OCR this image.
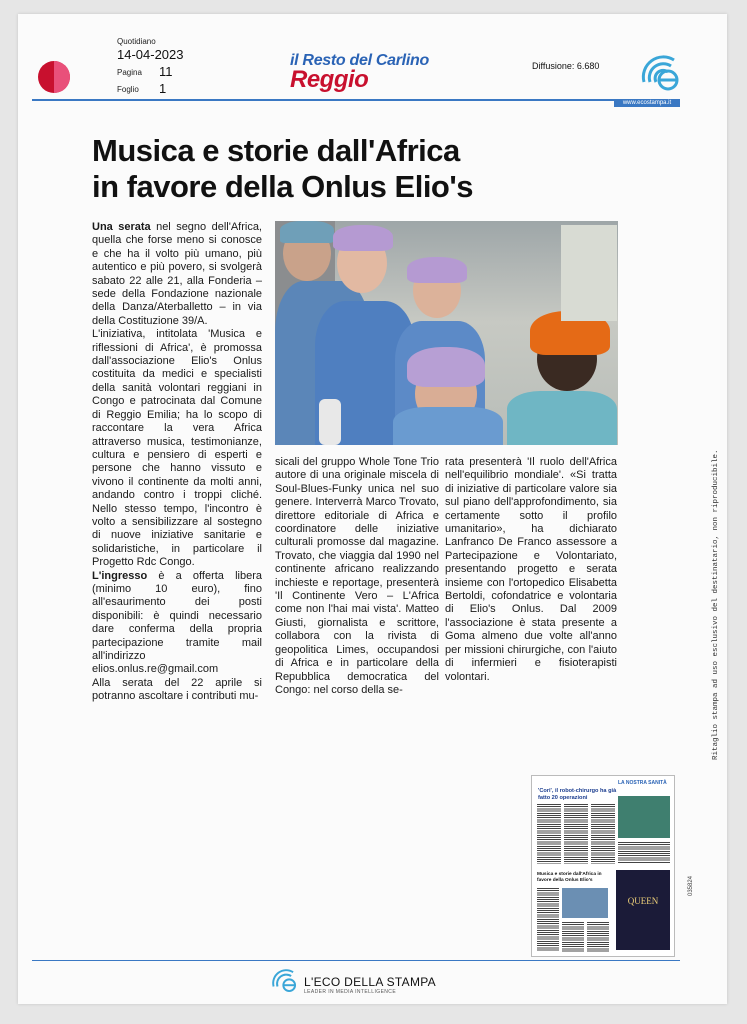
Quotidiano
14-04-2023
Pagina 11
Foglio 1
il Resto del Carlino
Reggio	Diffusione: 6.680
www.ecostampa.it
Musica e storie dall'Africa
in favore della Onlus Elio's

Una serata nel segno dell'Africa, quella che forse meno si conosce e che ha il volto più umano, più autentico e più povero, si svolgerà sabato 22 alle 21, alla Fonderia – sede della Fondazione nazionale della Danza/Aterballetto – in via della Costituzione 39/A.

L'iniziativa, intitolata 'Musica e riflessioni di Africa', è promossa dall'associazione Elio's Onlus costituita da medici e specialisti della sanità volontari reggiani in Congo e patrocinata dal Comune di Reggio Emilia; ha lo scopo di raccontare la vera Africa attraverso musica, testimonianze, cultura e pensiero di esperti e persone che hanno vissuto e vivono il continente da molti anni, andando contro i troppi cliché. Nello stesso tempo, l'incontro è volto a sensibilizzare al sostegno di nuove iniziative sanitarie e solidaristiche, in particolare il Progetto Rdc Congo.

L'ingresso è a offerta libera (minimo 10 euro), fino all'esaurimento dei posti disponibili: è quindi necessario dare conferma della propria partecipazione tramite mail all'indirizzo elios.onlus.re@gmail.com

Alla serata del 22 aprile si potranno ascoltare i contributi mu-

sicali del gruppo Whole Tone Trio autore di una originale miscela di Soul-Blues-Funky unica nel suo genere. Interverrà Marco Trovato, direttore editoriale di Africa e coordinatore delle iniziative culturali promosse dal magazine. Trovato, che viaggia dal 1990 nel continente africano realizzando inchieste e reportage, presenterà 'Il Continente Vero – L'Africa come non l'hai mai vista'. Matteo Giusti, giornalista e scrittore, collabora con la rivista di geopolitica Limes, occupandosi di Africa e in particolare della Repubblica democratica del Congo: nel corso della se-

rata presenterà 'Il ruolo dell'Africa nell'equilibrio mondiale'. «Si tratta di iniziative di particolare valore sia sul piano dell'approfondimento, sia certamente sotto il profilo umanitario», ha dichiarato Lanfranco De Franco assessore a Partecipazione e Volontariato, presentando progetto e serata insieme con l'ortopedico Elisabetta Bertoldi, cofondatrice e volontaria di Elio's Onlus. Dal 2009 l'associazione è stata presente a Goma almeno due volte all'anno per missioni chirurgiche, con l'aiuto di infermieri e fisioterapisti volontari.	Ritaglio stampa ad uso esclusivo del destinatario, non riproducibile.
035824
LA NOSTRA SANITÀ
'Cori', il robot-chirurgo ha già fatto 20 operazioni
Musica e storie dall'Africa in favore della Onlus Elio's
QUEEN
L'ECO DELLA STAMPA
LEADER IN MEDIA INTELLIGENCE
